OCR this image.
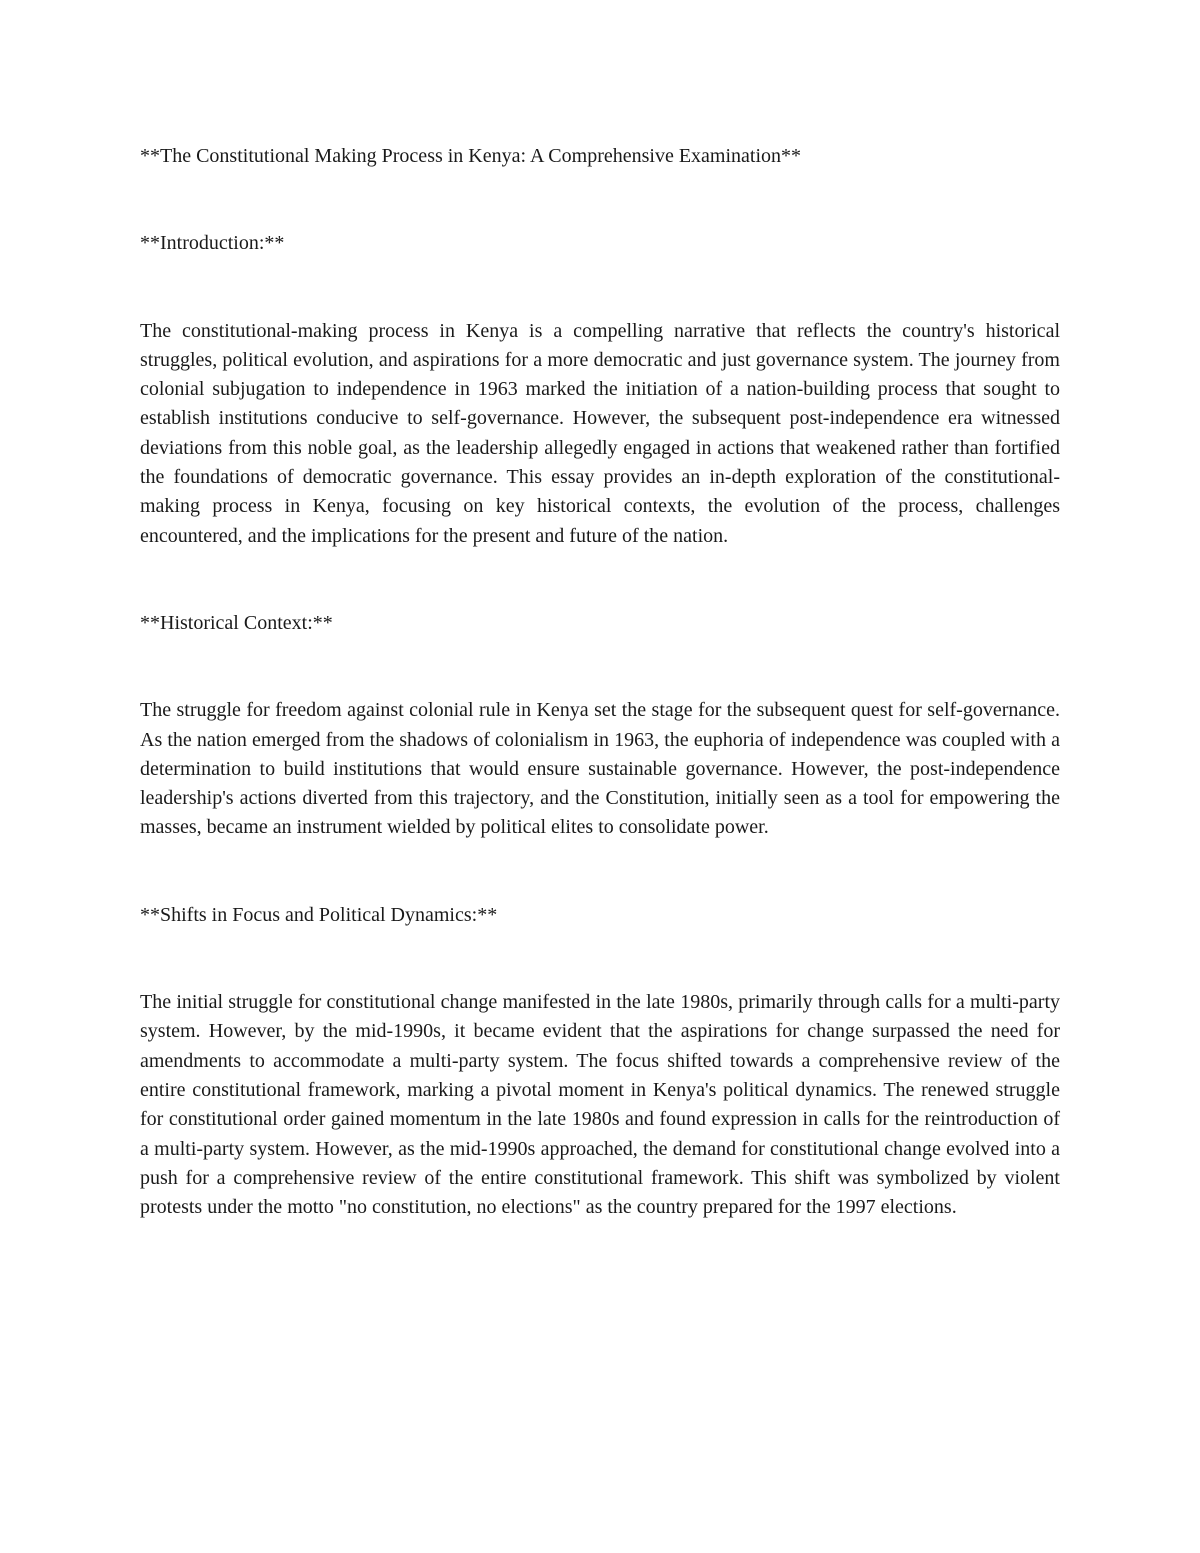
**The Constitutional Making Process in Kenya: A Comprehensive Examination**

**Introduction:**

The constitutional-making process in Kenya is a compelling narrative that reflects the country's historical struggles, political evolution, and aspirations for a more democratic and just governance system. The journey from colonial subjugation to independence in 1963 marked the initiation of a nation-building process that sought to establish institutions conducive to self-governance. However, the subsequent post-independence era witnessed deviations from this noble goal, as the leadership allegedly engaged in actions that weakened rather than fortified the foundations of democratic governance. This essay provides an in-depth exploration of the constitutional-making process in Kenya, focusing on key historical contexts, the evolution of the process, challenges encountered, and the implications for the present and future of the nation.

**Historical Context:**

The struggle for freedom against colonial rule in Kenya set the stage for the subsequent quest for self-governance. As the nation emerged from the shadows of colonialism in 1963, the euphoria of independence was coupled with a determination to build institutions that would ensure sustainable governance. However, the post-independence leadership's actions diverted from this trajectory, and the Constitution, initially seen as a tool for empowering the masses, became an instrument wielded by political elites to consolidate power.

**Shifts in Focus and Political Dynamics:**

The initial struggle for constitutional change manifested in the late 1980s, primarily through calls for a multi-party system. However, by the mid-1990s, it became evident that the aspirations for change surpassed the need for amendments to accommodate a multi-party system. The focus shifted towards a comprehensive review of the entire constitutional framework, marking a pivotal moment in Kenya's political dynamics. The renewed struggle for constitutional order gained momentum in the late 1980s and found expression in calls for the reintroduction of a multi-party system. However, as the mid-1990s approached, the demand for constitutional change evolved into a push for a comprehensive review of the entire constitutional framework. This shift was symbolized by violent protests under the motto "no constitution, no elections" as the country prepared for the 1997 elections.
